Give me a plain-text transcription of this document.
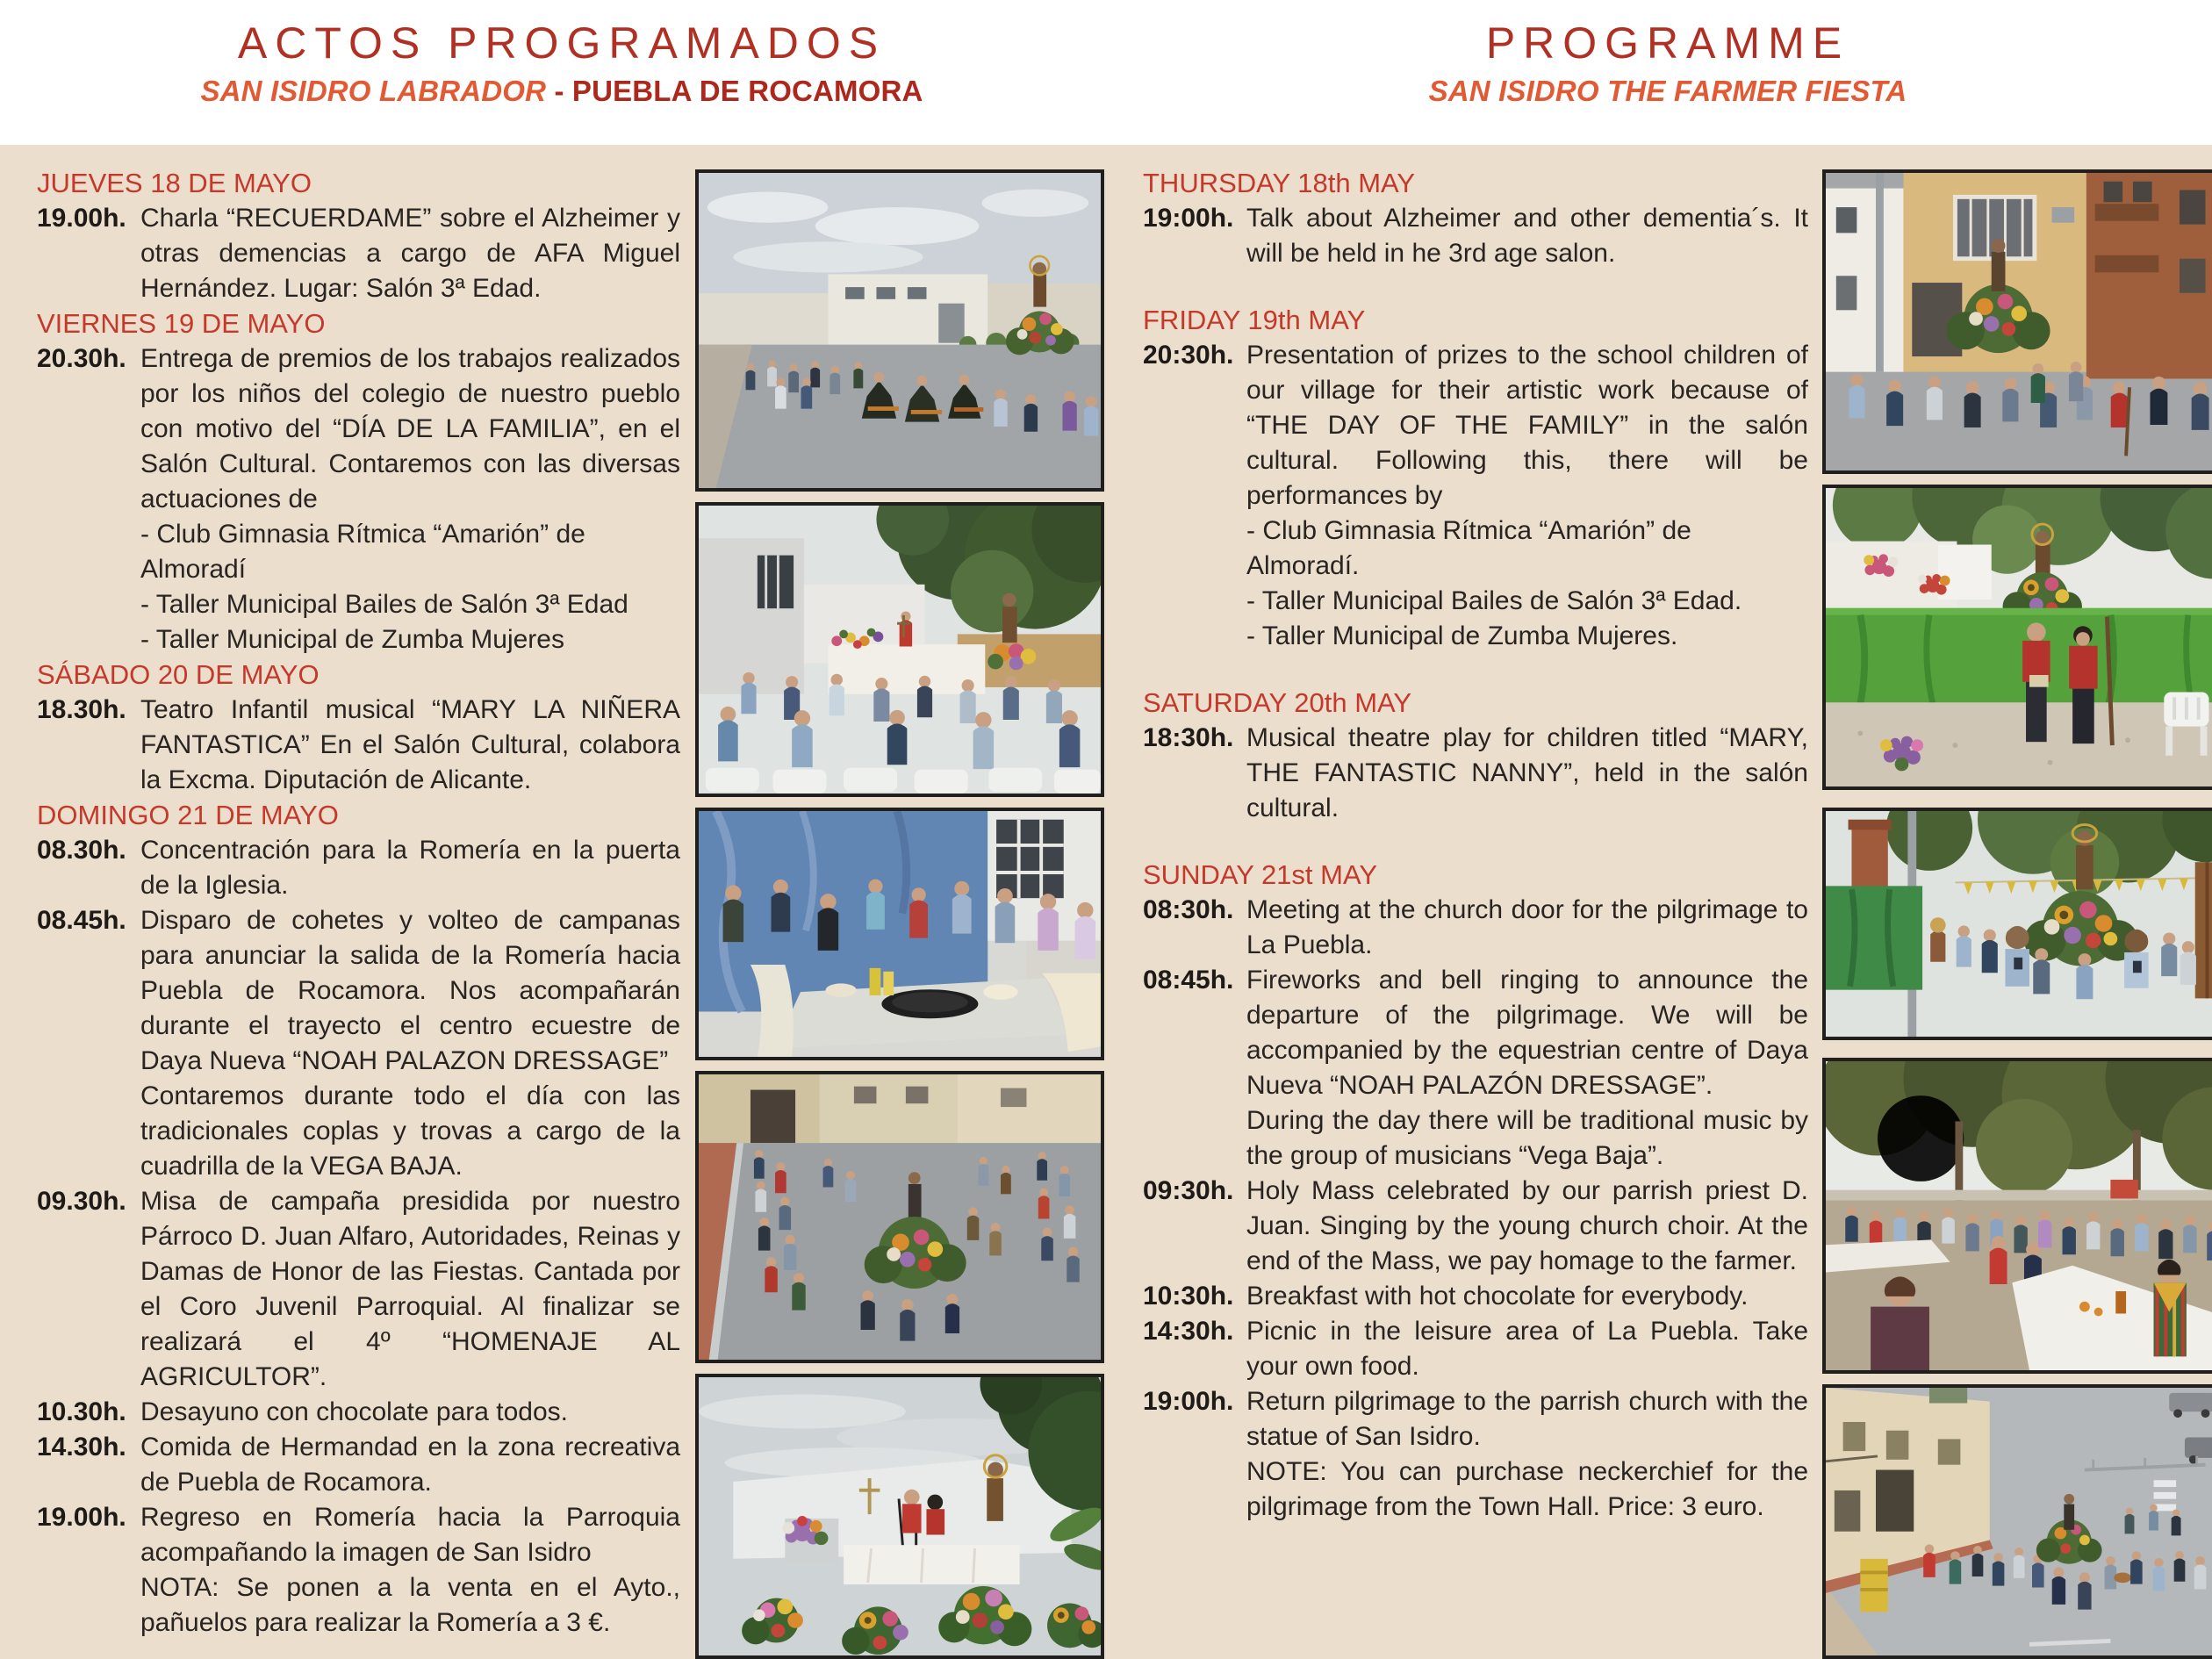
ACTOS PROGRAMADOS
SAN ISIDRO LABRADOR - PUEBLA DE ROCAMORA
PROGRAMME
SAN ISIDRO THE FARMER FIESTA
JUEVES 18 DE MAYO
19.00h. Charla “RECUERDAME” sobre el Alzheimer y otras demencias a cargo de AFA Miguel Hernández. Lugar: Salón 3ª Edad.

VIERNES 19 DE MAYO
20.30h. Entrega de premios de los trabajos realizados por los niños del colegio de nuestro pueblo con motivo del “DÍA DE LA FAMILIA”, en el Salón Cultural. Contaremos con las diversas actuaciones de

- Club Gimnasia Rítmica “Amarión” de Almoradí

- Taller Municipal Bailes de Salón 3ª Edad

- Taller Municipal de Zumba Mujeres

SÁBADO 20 DE MAYO
18.30h. Teatro Infantil musical “MARY LA NIÑERA FANTASTICA” En el Salón Cultural, colabora la Excma. Diputación de Alicante.

DOMINGO 21 DE MAYO
08.30h. Concentración para la Romería en la puerta de la Iglesia.

08.45h. Disparo de cohetes y volteo de campanas para anunciar la salida de la Romería hacia Puebla de Rocamora. Nos acompañarán durante el trayecto el centro ecuestre de Daya Nueva “NOAH PALAZON DRESSAGE”

Contaremos durante todo el día con las tradicionales coplas y trovas a cargo de la cuadrilla de la VEGA BAJA.

09.30h. Misa de campaña presidida por nuestro Párroco D. Juan Alfaro, Autoridades, Reinas y Damas de Honor de las Fiestas. Cantada por el Coro Juvenil Parroquial. Al finalizar se realizará el 4º “HOMENAJE AL AGRICULTOR”.

10.30h. Desayuno con chocolate para todos.

14.30h. Comida de Hermandad en la zona recreativa de Puebla de Rocamora.

19.00h. Regreso en Romería hacia la Parroquia acompañando la imagen de San Isidro

NOTA: Se ponen a la venta en el Ayto., pañuelos para realizar la Romería a 3 €.

THURSDAY 18th MAY
19:00h. Talk about Alzheimer and other dementia´s. It will be held in he 3rd age salon.

FRIDAY 19th MAY
20:30h. Presentation of prizes to the school children of our village for their artistic work because of “THE DAY OF THE FAMILY” in the salón cultural. Following this, there will be performances by

- Club Gimnasia Rítmica “Amarión” de Almoradí.

- Taller Municipal Bailes de Salón 3ª Edad.

- Taller Municipal de Zumba Mujeres.

SATURDAY 20th MAY
18:30h. Musical theatre play for children titled “MARY, THE FANTASTIC NANNY”, held in the salón cultural.

SUNDAY 21st MAY
08:30h. Meeting at the church door for the pilgrimage to La Puebla.

08:45h. Fireworks and bell ringing to announce the departure of the pilgrimage. We will be accompanied by the equestrian centre of Daya Nueva “NOAH PALAZÓN DRESSAGE”.

During the day there will be traditional music by the group of musicians “Vega Baja”.

09:30h. Holy Mass celebrated by our parrish priest D. Juan. Singing by the young church choir. At the end of the Mass, we pay homage to the farmer.

10:30h. Breakfast with hot chocolate for everybody.

14:30h. Picnic in the leisure area of La Puebla. Take your own food.

19:00h. Return pilgrimage to the parrish church with the statue of San Isidro.

NOTE: You can purchase neckerchief for the pilgrimage from the Town Hall. Price: 3 euro.
